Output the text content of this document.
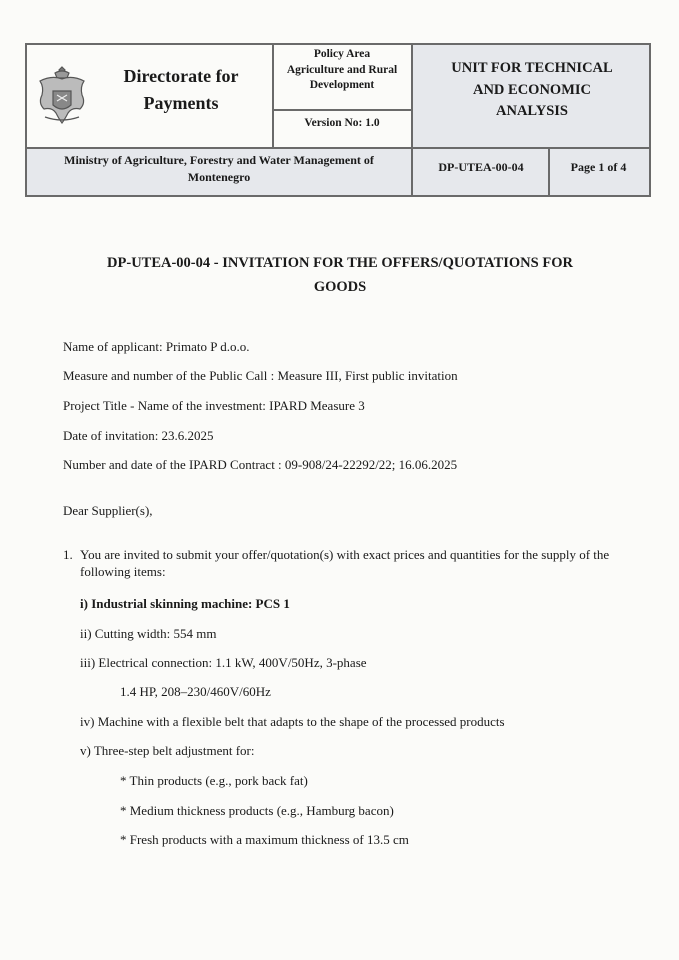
Directorate for
Payments
Policy Area
Agriculture and Rural
Development
Version No: 1.0
UNIT FOR TECHNICAL
AND ECONOMIC
ANALYSIS
Ministry of Agriculture, Forestry and Water Management of
Montenegro
DP-UTEA-00-04	Page 1 of 4
DP-UTEA-00-04 - INVITATION FOR THE OFFERS/QUOTATIONS FOR
GOODS
Name of applicant: Primato P d.o.o.
Measure and number of the Public Call : Measure III, First public invitation
Project Title - Name of the investment: IPARD Measure 3
Date of invitation: 23.6.2025
Number and date of the IPARD Contract : 09-908/24-22292/22; 16.06.2025
Dear Supplier(s),
1. You are invited to submit your offer/quotation(s) with exact prices and quantities for the supply of the following items:
i) Industrial skinning machine: PCS 1
ii) Cutting width: 554 mm
iii) Electrical connection: 1.1 kW, 400V/50Hz, 3-phase
1.4 HP, 208–230/460V/60Hz
iv) Machine with a flexible belt that adapts to the shape of the processed products
v) Three-step belt adjustment for:
* Thin products (e.g., pork back fat)
* Medium thickness products (e.g., Hamburg bacon)
* Fresh products with a maximum thickness of 13.5 cm
